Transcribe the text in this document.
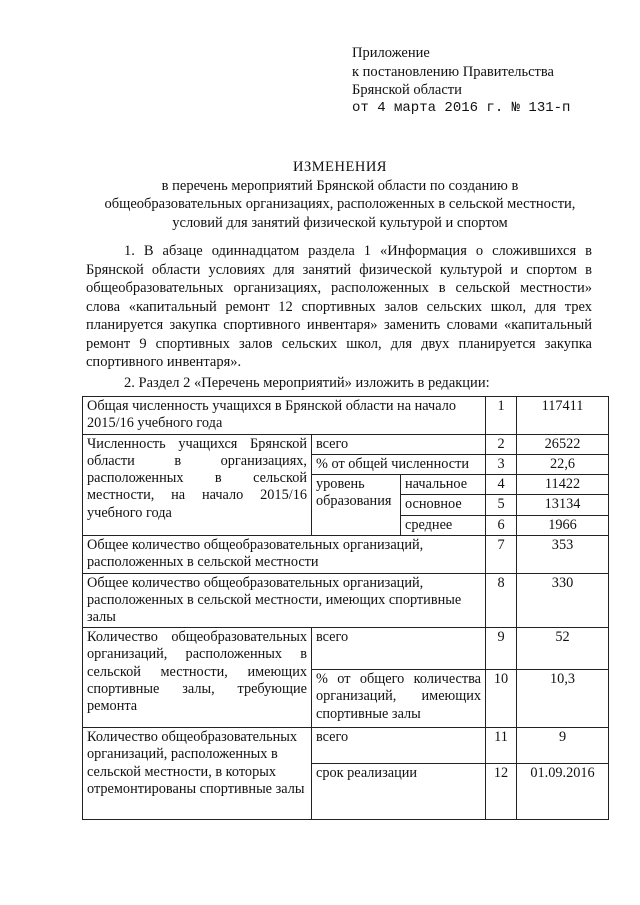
Приложение
к постановлению Правительства
Брянской области
от 4 марта 2016 г. № 131-п
ИЗМЕНЕНИЯ
в перечень мероприятий Брянской области по созданию в
общеобразовательных организациях, расположенных в сельской местности,
условий для занятий физической культурой и спортом
1. В абзаце одиннадцатом раздела 1 «Информация о сложившихся в Брянской области условиях для занятий физической культурой и спортом в общеобразовательных организациях, расположенных в сельской местности» слова «капитальный ремонт 12 спортивных залов сельских школ, для трех планируется закупка спортивного инвентаря» заменить словами «капитальный ремонт 9 спортивных залов сельских школ, для двух планируется закупка спортивного инвентаря».
2. Раздел 2 «Перечень мероприятий» изложить в редакции:
Общая численность учащихся в Брянской области на начало 2015/16 учебного года			1	117411
Численность учащихся Брянской области в организациях, расположенных в сельской местности, на начало 2015/16 учебного года	всего		2	26522
	% от общей численности		3	22,6
	уровень образования	начальное	4	11422
		основное	5	13134
		среднее	6	1966
Общее количество общеобразовательных организаций, расположенных в сельской местности			7	353
Общее количество общеобразовательных организаций, расположенных в сельской местности, имеющих спортивные залы			8	330
Количество общеобразовательных организаций, расположенных в сельской местности, имеющих спортивные залы, требующие ремонта	всего		9	52
	% от общего количества организаций, имеющих спортивные залы		10	10,3
Количество общеобразовательных организаций, расположенных в сельской местности, в которых отремонтированы спортивные залы	всего		11	9
	срок реализации		12	01.09.2016
